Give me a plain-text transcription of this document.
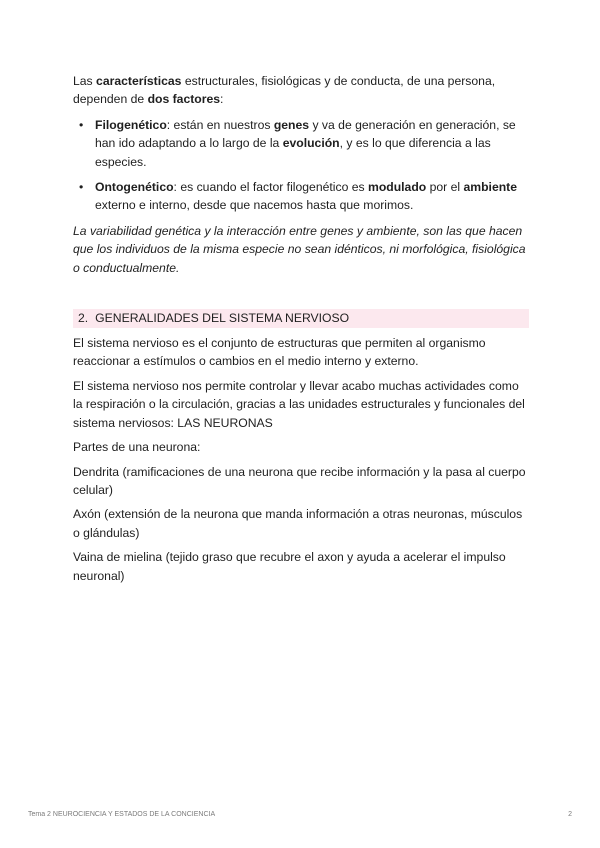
Las características estructurales, fisiológicas y de conducta, de una persona, dependen de dos factores:

• Filogenético: están en nuestros genes y va de generación en generación, se han ido adaptando a lo largo de la evolución, y es lo que diferencia a las especies.
• Ontogenético: es cuando el factor filogenético es modulado por el ambiente externo e interno, desde que nacemos hasta que morimos.

La variabilidad genética y la interacción entre genes y ambiente, son las que hacen que los individuos de la misma especie no sean idénticos, ni morfológica, fisiológica o conductualmente.

2. GENERALIDADES DEL SISTEMA NERVIOSO

El sistema nervioso es el conjunto de estructuras que permiten al organismo reaccionar a estímulos o cambios en el medio interno y externo.

El sistema nervioso nos permite controlar y llevar acabo muchas actividades como la respiración o la circulación, gracias a las unidades estructurales y funcionales del sistema nerviosos: LAS NEURONAS

Partes de una neurona:

Dendrita (ramificaciones de una neurona que recibe información y la pasa al cuerpo celular)

Axón (extensión de la neurona que manda información a otras neuronas, músculos o glándulas)

Vaina de mielina (tejido graso que recubre el axon y ayuda a acelerar el impulso neuronal)

Tema 2 NEUROCIENCIA Y ESTADOS DE LA CONCIENCIA	2
